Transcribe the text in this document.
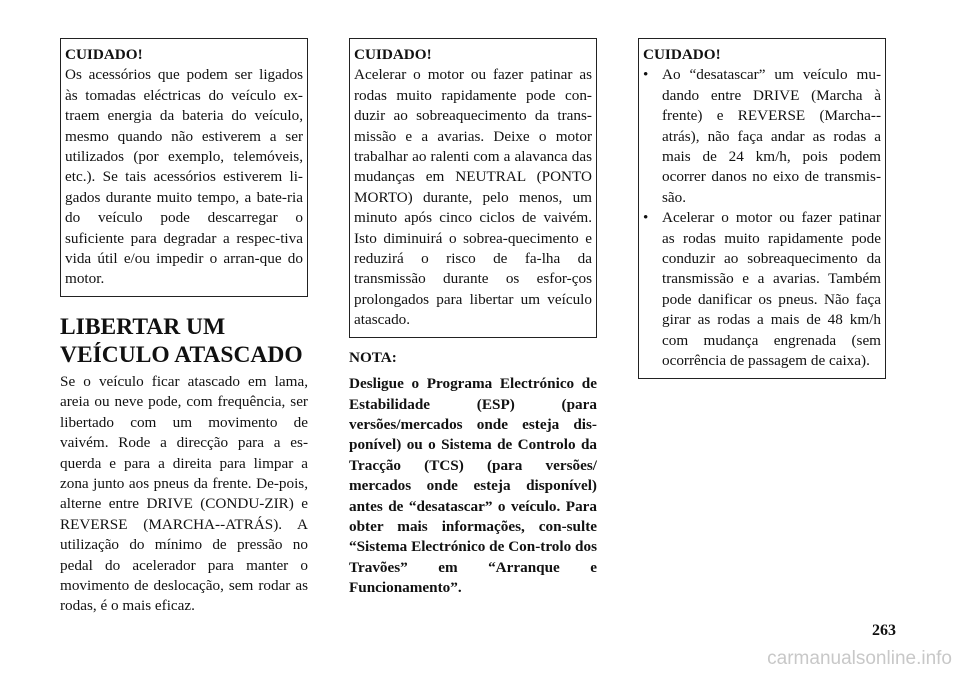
CUIDADO!
Os acessórios que podem ser ligados às tomadas eléctricas do veículo ex-traem energia da bateria do veículo, mesmo quando não estiverem a ser utilizados (por exemplo, telemóveis, etc.). Se tais acessórios estiverem li-gados durante muito tempo, a bate-ria do veículo pode descarregar o suficiente para degradar a respec-tiva vida útil e/ou impedir o arran-que do motor.
LIBERTAR UM VEÍCULO ATASCADO

Se o veículo ficar atascado em lama, areia ou neve pode, com frequência, ser libertado com um movimento de vaivém. Rode a direcção para a es-querda e para a direita para limpar a zona junto aos pneus da frente. De-pois, alterne entre DRIVE (CONDU-ZIR) e REVERSE (MARCHA--ATRÁS). A utilização do mínimo de pressão no pedal do acelerador para manter o movimento de deslocação, sem rodar as rodas, é o mais eficaz.

CUIDADO!
Acelerar o motor ou fazer patinar as rodas muito rapidamente pode con-duzir ao sobreaquecimento da trans-missão e a avarias. Deixe o motor trabalhar ao ralenti com a alavanca das mudanças em NEUTRAL (PONTO MORTO) durante, pelo menos, um minuto após cinco ciclos de vaivém. Isto diminuirá o sobrea-quecimento e reduzirá o risco de fa-lha da transmissão durante os esfor-ços prolongados para libertar um veículo atascado.
NOTA:

Desligue o Programa Electrónico de Estabilidade (ESP) (para versões/mercados onde esteja dis-ponível) ou o Sistema de Controlo da Tracção (TCS) (para versões/ mercados onde esteja disponível) antes de “desatascar” o veículo. Para obter mais informações, con-sulte “Sistema Electrónico de Con-trolo dos Travões” em “Arranque e Funcionamento”.

CUIDADO!
• Ao “desatascar” um veículo mu-dando entre DRIVE (Marcha à frente) e REVERSE (Marcha--atrás), não faça andar as rodas a mais de 24 km/h, pois podem ocorrer danos no eixo de transmis-são.
• Acelerar o motor ou fazer patinar as rodas muito rapidamente pode conduzir ao sobreaquecimento da transmissão e a avarias. Também pode danificar os pneus. Não faça girar as rodas a mais de 48 km/h com mudança engrenada (sem ocorrência de passagem de caixa).
263
carmanualsonline.info
